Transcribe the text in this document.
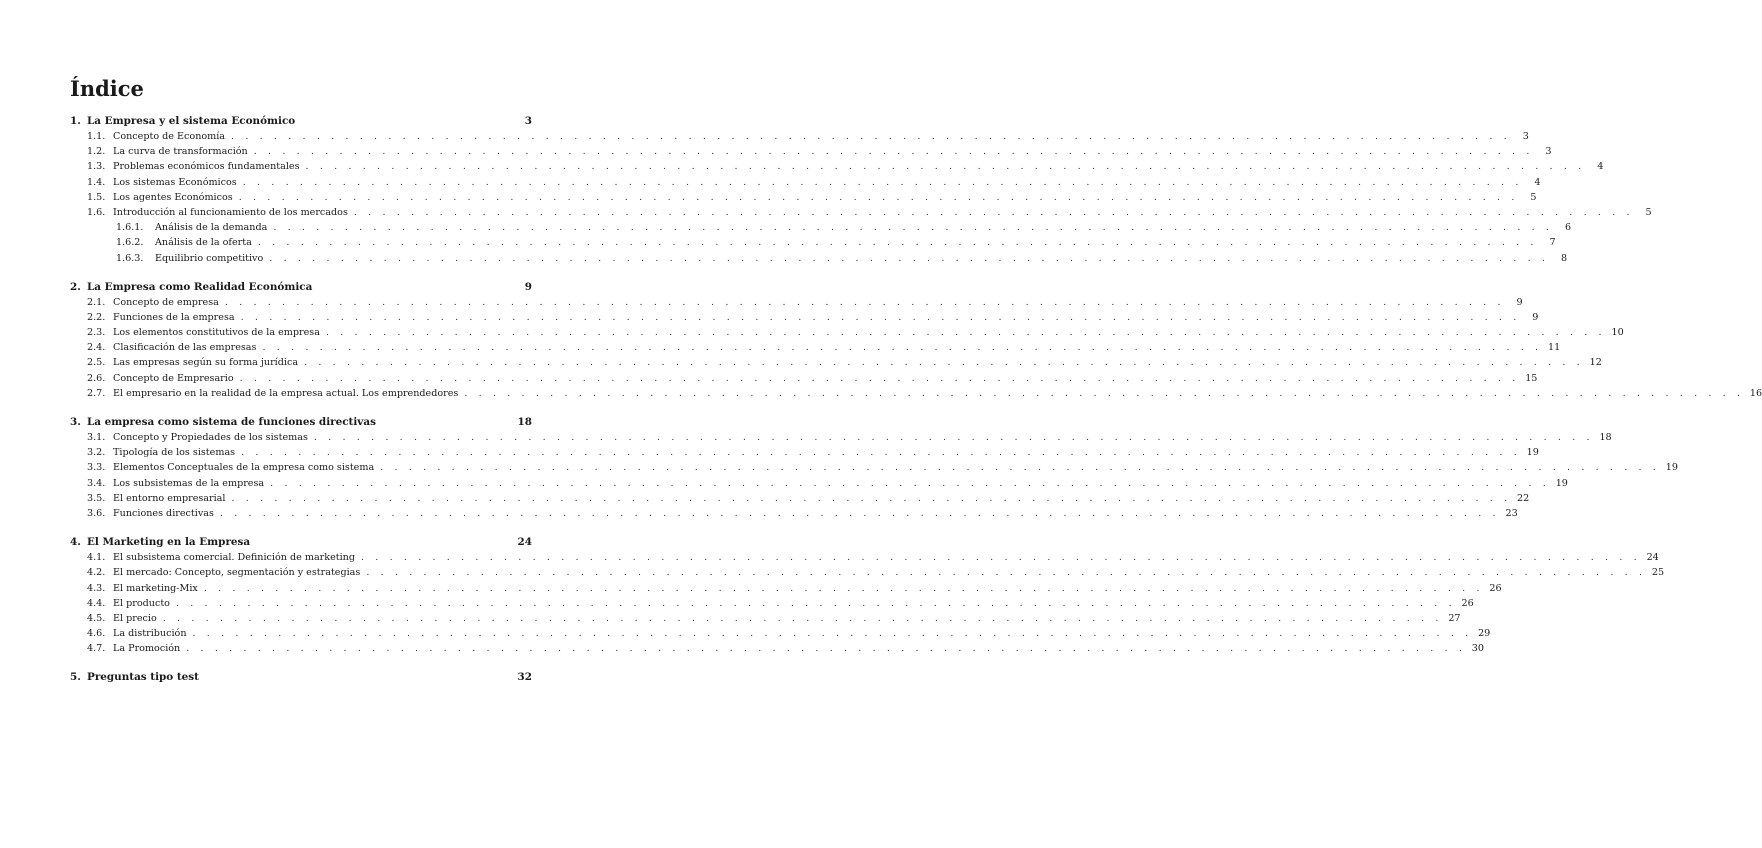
Índice
1. La Empresa y el sistema Económico	3
1.1. Concepto de Economía . . . . . . . . . . . . . . . . . . . . . . . . . . . . . . . . . . . . . . . . . . . . . . . . . . . . . . . . . . . . . . . . . . . . . . . . . . . . . . . . . . . . . . . . . .	3
1.2. La curva de transformación . . . . . . . . . . . . . . . . . . . . . . . . . . . . . . . . . . . . . . . . . . . . . . . . . . . . . . . . . . . . . . . . . . . . . . . . . . . . . . . . . . . . . . . . . .	3
1.3. Problemas económicos fundamentales . . . . . . . . . . . . . . . . . . . . . . . . . . . . . . . . . . . . . . . . . . . . . . . . . . . . . . . . . . . . . . . . . . . . . . . . . . . . . . . . . . . . . . . . . .	4
1.4. Los sistemas Económicos . . . . . . . . . . . . . . . . . . . . . . . . . . . . . . . . . . . . . . . . . . . . . . . . . . . . . . . . . . . . . . . . . . . . . . . . . . . . . . . . . . . . . . . . . .	4
1.5. Los agentes Económicos . . . . . . . . . . . . . . . . . . . . . . . . . . . . . . . . . . . . . . . . . . . . . . . . . . . . . . . . . . . . . . . . . . . . . . . . . . . . . . . . . . . . . . . . . .	5
1.6. Introducción al funcionamiento de los mercados . . . . . . . . . . . . . . . . . . . . . . . . . . . . . . . . . . . . . . . . . . . . . . . . . . . . . . . . . . . . . . . . . . . . . . . . . . . . . . . . . . . . . . . . . .	5
1.6.1.	Análisis de la demanda . . . . . . . . . . . . . . . . . . . . . . . . . . . . . . . . . . . . . . . . . . . . . . . . . . . . . . . . . . . . . . . . . . . . . . . . . . . . . . . . . . . . . . . . . .	6
1.6.2.	Análisis de la oferta . . . . . . . . . . . . . . . . . . . . . . . . . . . . . . . . . . . . . . . . . . . . . . . . . . . . . . . . . . . . . . . . . . . . . . . . . . . . . . . . . . . . . . . . . .	7
1.6.3.	Equilibrio competitivo . . . . . . . . . . . . . . . . . . . . . . . . . . . . . . . . . . . . . . . . . . . . . . . . . . . . . . . . . . . . . . . . . . . . . . . . . . . . . . . . . . . . . . . . . .	8
2. La Empresa como Realidad Económica	9
2.1. Concepto de empresa . . . . . . . . . . . . . . . . . . . . . . . . . . . . . . . . . . . . . . . . . . . . . . . . . . . . . . . . . . . . . . . . . . . . . . . . . . . . . . . . . . . . . . . . . .	9
2.2. Funciones de la empresa . . . . . . . . . . . . . . . . . . . . . . . . . . . . . . . . . . . . . . . . . . . . . . . . . . . . . . . . . . . . . . . . . . . . . . . . . . . . . . . . . . . . . . . . . .	9
2.3. Los elementos constitutivos de la empresa . . . . . . . . . . . . . . . . . . . . . . . . . . . . . . . . . . . . . . . . . . . . . . . . . . . . . . . . . . . . . . . . . . . . . . . . . . . . . . . . . . . . . . . . . . 10
2.4. Clasificación de las empresas . . . . . . . . . . . . . . . . . . . . . . . . . . . . . . . . . . . . . . . . . . . . . . . . . . . . . . . . . . . . . . . . . . . . . . . . . . . . . . . . . . . . . . . . . . 11
2.5. Las empresas según su forma jurídica . . . . . . . . . . . . . . . . . . . . . . . . . . . . . . . . . . . . . . . . . . . . . . . . . . . . . . . . . . . . . . . . . . . . . . . . . . . . . . . . . . . . . . . . . . 12
2.6. Concepto de Empresario . . . . . . . . . . . . . . . . . . . . . . . . . . . . . . . . . . . . . . . . . . . . . . . . . . . . . . . . . . . . . . . . . . . . . . . . . . . . . . . . . . . . . . . . . . 15
2.7. El empresario en la realidad de la empresa actual. Los emprendedores . . . . . . . . . . . . . . . . . . . . . . . . . . . . . . . . . . . . . . . . . . . . . . . . . . . . . . . . . . . . . . . . . . . . . . . . . . . . . . . . . . . . . . . . . . 16
3. La empresa como sistema de funciones directivas	18
3.1. Concepto y Propiedades de los sistemas . . . . . . . . . . . . . . . . . . . . . . . . . . . . . . . . . . . . . . . . . . . . . . . . . . . . . . . . . . . . . . . . . . . . . . . . . . . . . . . . . . . . . . . . . . 18
3.2. Tipología de los sistemas . . . . . . . . . . . . . . . . . . . . . . . . . . . . . . . . . . . . . . . . . . . . . . . . . . . . . . . . . . . . . . . . . . . . . . . . . . . . . . . . . . . . . . . . . . 19
3.3. Elementos Conceptuales de la empresa como sistema . . . . . . . . . . . . . . . . . . . . . . . . . . . . . . . . . . . . . . . . . . . . . . . . . . . . . . . . . . . . . . . . . . . . . . . . . . . . . . . . . . . . . . . . . . 19
3.4. Los subsistemas de la empresa . . . . . . . . . . . . . . . . . . . . . . . . . . . . . . . . . . . . . . . . . . . . . . . . . . . . . . . . . . . . . . . . . . . . . . . . . . . . . . . . . . . . . . . . . . 19
3.5. El entorno empresarial . . . . . . . . . . . . . . . . . . . . . . . . . . . . . . . . . . . . . . . . . . . . . . . . . . . . . . . . . . . . . . . . . . . . . . . . . . . . . . . . . . . . . . . . . . 22
3.6. Funciones directivas . . . . . . . . . . . . . . . . . . . . . . . . . . . . . . . . . . . . . . . . . . . . . . . . . . . . . . . . . . . . . . . . . . . . . . . . . . . . . . . . . . . . . . . . . . 23
4. El Marketing en la Empresa	24
4.1. El subsistema comercial. Definición de marketing . . . . . . . . . . . . . . . . . . . . . . . . . . . . . . . . . . . . . . . . . . . . . . . . . . . . . . . . . . . . . . . . . . . . . . . . . . . . . . . . . . . . . . . . . . 24
4.2. El mercado: Concepto, segmentación y estrategias . . . . . . . . . . . . . . . . . . . . . . . . . . . . . . . . . . . . . . . . . . . . . . . . . . . . . . . . . . . . . . . . . . . . . . . . . . . . . . . . . . . . . . . . . . 25
4.3. El marketing-Mix . . . . . . . . . . . . . . . . . . . . . . . . . . . . . . . . . . . . . . . . . . . . . . . . . . . . . . . . . . . . . . . . . . . . . . . . . . . . . . . . . . . . . . . . . . 26
4.4. El producto . . . . . . . . . . . . . . . . . . . . . . . . . . . . . . . . . . . . . . . . . . . . . . . . . . . . . . . . . . . . . . . . . . . . . . . . . . . . . . . . . . . . . . . . . . 26
4.5. El precio . . . . . . . . . . . . . . . . . . . . . . . . . . . . . . . . . . . . . . . . . . . . . . . . . . . . . . . . . . . . . . . . . . . . . . . . . . . . . . . . . . . . . . . . . . 27
4.6. La distribución . . . . . . . . . . . . . . . . . . . . . . . . . . . . . . . . . . . . . . . . . . . . . . . . . . . . . . . . . . . . . . . . . . . . . . . . . . . . . . . . . . . . . . . . . . 29
4.7. La Promoción . . . . . . . . . . . . . . . . . . . . . . . . . . . . . . . . . . . . . . . . . . . . . . . . . . . . . . . . . . . . . . . . . . . . . . . . . . . . . . . . . . . . . . . . . . 30
5. Preguntas tipo test	32
